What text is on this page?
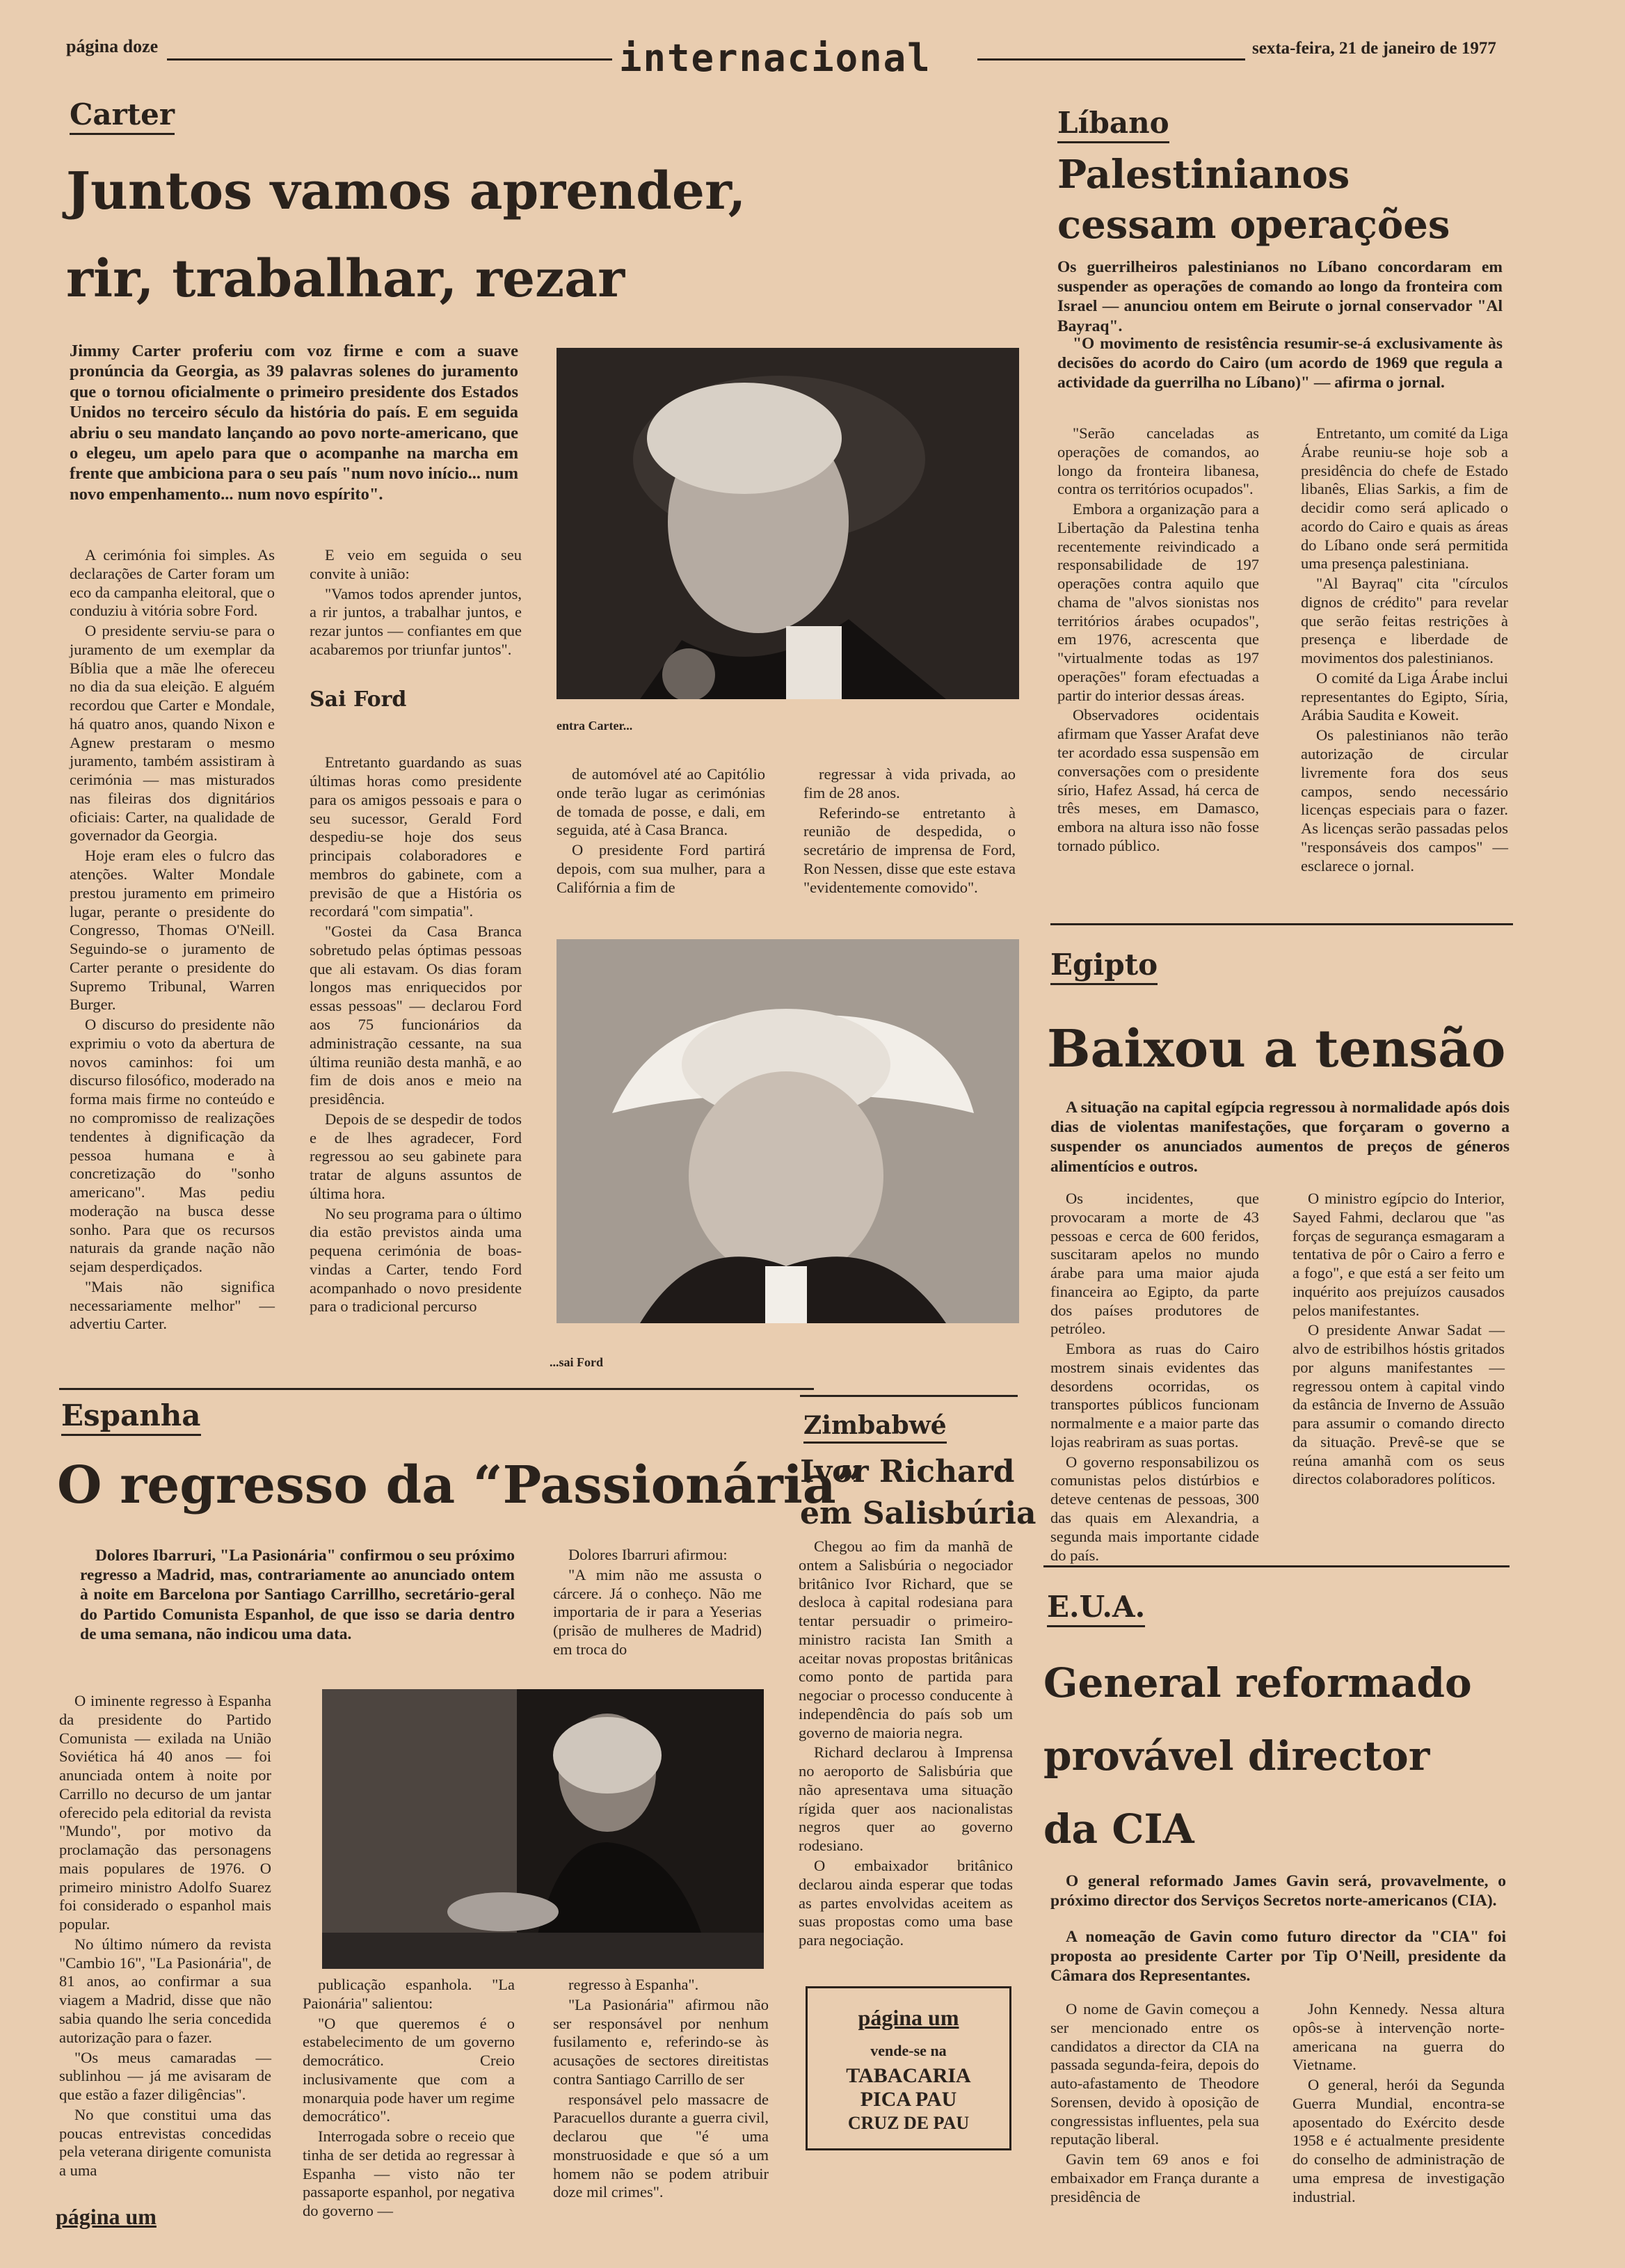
página doze	internacional	sexta-feira, 21 de janeiro de 1977
Carter
Juntos vamos aprender,
rir, trabalhar, rezar
Jimmy Carter proferiu com voz firme e com a suave pronúncia da Georgia, as 39 palavras solenes do juramento que o tornou oficialmente o primeiro presidente dos Estados Unidos no terceiro século da história do país. E em seguida abriu o seu mandato lançando ao povo norte-americano, que o elegeu, um apelo para que o acompanhe na marcha em frente que ambiciona para o seu país "num novo início... num novo empenhamento... num novo espírito".

A cerimónia foi simples. As declarações de Carter foram um eco da campanha eleitoral, que o conduziu à vitória sobre Ford.

O presidente serviu-se para o juramento de um exemplar da Bíblia que a mãe lhe ofereceu no dia da sua eleição. E alguém recordou que Carter e Mondale, há quatro anos, quando Nixon e Agnew prestaram o mesmo juramento, também assistiram à cerimónia — mas misturados nas fileiras dos dignitários oficiais: Carter, na qualidade de governador da Georgia.

Hoje eram eles o fulcro das atenções. Walter Mondale prestou juramento em primeiro lugar, perante o presidente do Congresso, Thomas O'Neill. Seguindo-se o juramento de Carter perante o presidente do Supremo Tribunal, Warren Burger.

O discurso do presidente não exprimiu o voto da abertura de novos caminhos: foi um discurso filosófico, moderado na forma mais firme no conteúdo e no compromisso de realizações tendentes à dignificação da pessoa humana e à concretização do "sonho americano". Mas pediu moderação na busca desse sonho. Para que os recursos naturais da grande nação não sejam desperdiçados.

"Mais não significa necessariamente melhor" — advertiu Carter.

E veio em seguida o seu convite à união:

"Vamos todos aprender juntos, a rir juntos, a trabalhar juntos, e rezar juntos — confiantes em que acabaremos por triunfar juntos".

Sai Ford

Entretanto guardando as suas últimas horas como presidente para os amigos pessoais e para o seu sucessor, Gerald Ford despediu-se hoje dos seus principais colaboradores e membros do gabinete, com a previsão de que a História os recordará "com simpatia".

"Gostei da Casa Branca sobretudo pelas óptimas pessoas que ali estavam. Os dias foram longos mas enriquecidos por essas pessoas" — declarou Ford aos 75 funcionários da administração cessante, na sua última reunião desta manhã, e ao fim de dois anos e meio na presidência.

Depois de se despedir de todos e de lhes agradecer, Ford regressou ao seu gabinete para tratar de alguns assuntos de última hora.

No seu programa para o último dia estão previstos ainda uma pequena cerimónia de boas-vindas a Carter, tendo Ford acompanhado o novo presidente para o tradicional percurso

entra Carter...

de automóvel até ao Capitólio onde terão lugar as cerimónias de tomada de posse, e dali, em seguida, até à Casa Branca.

O presidente Ford partirá depois, com sua mulher, para a Califórnia a fim de

regressar à vida privada, ao fim de 28 anos.

Referindo-se entretanto à reunião de despedida, o secretário de imprensa de Ford, Ron Nessen, disse que este estava "evidentemente comovido".

...sai Ford
Líbano
Palestinianos
cessam operações
Os guerrilheiros palestinianos no Líbano concordaram em suspender as operações de comando ao longo da fronteira com Israel — anunciou ontem em Beirute o jornal conservador "Al Bayraq".
"O movimento de resistência resumir-se-á exclusivamente às decisões do acordo do Cairo (um acordo de 1969 que regula a actividade da guerrilha no Líbano)" — afirma o jornal.

"Serão canceladas as operações de comandos, ao longo da fronteira libanesa, contra os territórios ocupados".

Embora a organização para a Libertação da Palestina tenha recentemente reivindicado a responsabilidade de 197 operações contra aquilo que chama de "alvos sionistas nos territórios árabes ocupados", em 1976, acrescenta que "virtualmente todas as 197 operações" foram efectuadas a partir do interior dessas áreas.

Observadores ocidentais afirmam que Yasser Arafat deve ter acordado essa suspensão em conversações com o presidente sírio, Hafez Assad, há cerca de três meses, em Damasco, embora na altura isso não fosse tornado público.

Entretanto, um comité da Liga Árabe reuniu-se hoje sob a presidência do chefe de Estado libanês, Elias Sarkis, a fim de decidir como será aplicado o acordo do Cairo e quais as áreas do Líbano onde será permitida uma presença palestiniana.

"Al Bayraq" cita "círculos dignos de crédito" para revelar que serão feitas restrições à presença e liberdade de movimentos dos palestinianos.

O comité da Liga Árabe inclui representantes do Egipto, Síria, Arábia Saudita e Koweit.

Os palestinianos não terão autorização de circular livremente fora dos seus campos, sendo necessário licenças especiais para o fazer. As licenças serão passadas pelos "responsáveis dos campos" — esclarece o jornal.

Egipto
Baixou a tensão
A situação na capital egípcia regressou à normalidade após dois dias de violentas manifestações, que forçaram o governo a suspender os anunciados aumentos de preços de géneros alimentícios e outros.

Os incidentes, que provocaram a morte de 43 pessoas e cerca de 600 feridos, suscitaram apelos no mundo árabe para uma maior ajuda financeira ao Egipto, da parte dos países produtores de petróleo.

Embora as ruas do Cairo mostrem sinais evidentes das desordens ocorridas, os transportes públicos funcionam normalmente e a maior parte das lojas reabriram as suas portas.

O governo responsabilizou os comunistas pelos distúrbios e deteve centenas de pessoas, 300 das quais em Alexandria, a segunda mais importante cidade do país.

O ministro egípcio do Interior, Sayed Fahmi, declarou que "as forças de segurança esmagaram a tentativa de pôr o Cairo a ferro e a fogo", e que está a ser feito um inquérito aos prejuízos causados pelos manifestantes.

O presidente Anwar Sadat — alvo de estribilhos hóstis gritados por alguns manifestantes — regressou ontem à capital vindo da estância de Inverno de Assuão para assumir o comando directo da situação. Prevê-se que se reúna amanhã com os seus directos colaboradores políticos.

Espanha
O regresso da “Passionária”
Dolores Ibarruri, "La Pasionária" confirmou o seu próximo regresso a Madrid, mas, contrariamente ao anunciado ontem à noite em Barcelona por Santiago Carrillho, secretário-geral do Partido Comunista Espanhol, de que isso se daria dentro de uma semana, não indicou uma data.

Dolores Ibarruri afirmou:

"A mim não me assusta o cárcere. Já o conheço. Não me importaria de ir para a Yeserias (prisão de mulheres de Madrid) em troca do

O iminente regresso à Espanha da presidente do Partido Comunista — exilada na União Soviética há 40 anos — foi anunciada ontem à noite por Carrillo no decurso de um jantar oferecido pela editorial da revista "Mundo", por motivo da proclamação das personagens mais populares de 1976. O primeiro ministro Adolfo Suarez foi considerado o espanhol mais popular.

No último número da revista "Cambio 16", "La Pasionária", de 81 anos, ao confirmar a sua viagem a Madrid, disse que não sabia quando lhe seria concedida autorização para o fazer.

"Os meus camaradas — sublinhou — já me avisaram de que estão a fazer diligências".

No que constitui uma das poucas entrevistas concedidas pela veterana dirigente comunista a uma

publicação espanhola. "La Paionária" salientou:

"O que queremos é o estabelecimento de um governo democrático. Creio inclusivamente que com a monarquia pode haver um regime democrático".

Interrogada sobre o receio que tinha de ser detida ao regressar à Espanha — visto não ter passaporte espanhol, por negativa do governo —

regresso à Espanha".

"La Pasionária" afirmou não ser responsável por nenhum fusilamento e, referindo-se às acusações de sectores direitistas contra Santiago Carrillo de ser

responsável pelo massacre de Paracuellos durante a guerra civil, declarou que "é uma monstruosidade e que só a um homem não se podem atribuir doze mil crimes".

página um
Zimbabwé
Ivor Richard
em Salisbúria

Chegou ao fim da manhã de ontem a Salisbúria o negociador britânico Ivor Richard, que se desloca à capital rodesiana para tentar persuadir o primeiro-ministro racista Ian Smith a aceitar novas propostas britânicas como ponto de partida para negociar o processo conducente à independência do país sob um governo de maioria negra.

Richard declarou à Imprensa no aeroporto de Salisbúria que não apresentava uma situação rígida quer aos nacionalistas negros quer ao governo rodesiano.

O embaixador britânico declarou ainda esperar que todas as partes envolvidas aceitem as suas propostas como uma base para negociação.

página um
vende-se na
TABACARIA
PICA PAU
CRUZ DE PAU
E.U.A.
General reformado
provável director
da CIA
O general reformado James Gavin será, provavelmente, o próximo director dos Serviços Secretos norte-americanos (CIA).
A nomeação de Gavin como futuro director da "CIA" foi proposta ao presidente Carter por Tip O'Neill, presidente da Câmara dos Representantes.

O nome de Gavin começou a ser mencionado entre os candidatos a director da CIA na passada segunda-feira, depois do auto-afastamento de Theodore Sorensen, devido à oposição de congressistas influentes, pela sua reputação liberal.

Gavin tem 69 anos e foi embaixador em França durante a presidência de

John Kennedy. Nessa altura opôs-se à intervenção norte-americana na guerra do Vietname.

O general, herói da Segunda Guerra Mundial, encontra-se aposentado do Exército desde 1958 e é actualmente presidente do conselho de administração de uma empresa de investigação industrial.
